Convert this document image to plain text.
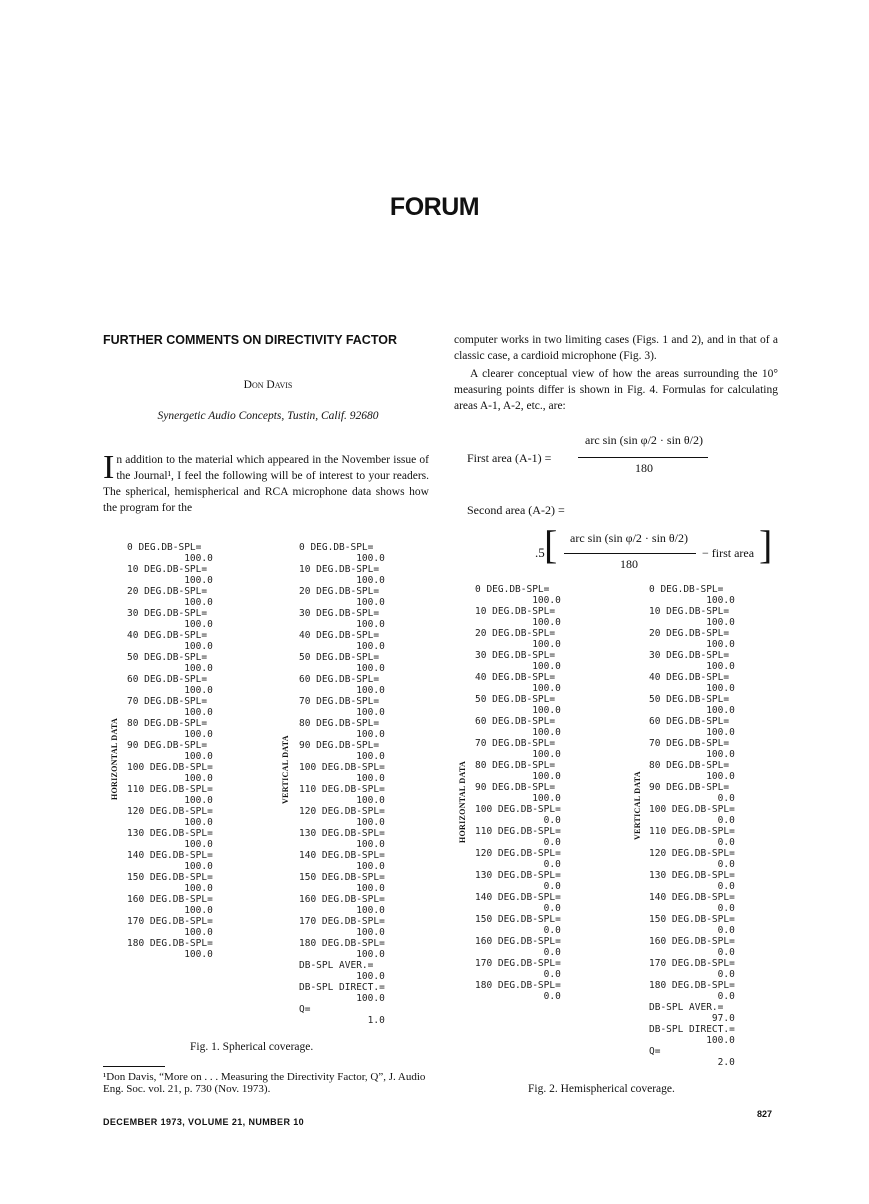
FORUM
FURTHER COMMENTS ON DIRECTIVITY FACTOR
Don Davis
Synergetic Audio Concepts, Tustin, Calif. 92680
In addition to the material which appeared in the November issue of the Journal¹, I feel the following will be of interest to your readers. The spherical, hemispherical and RCA microphone data shows how the program for the
computer works in two limiting cases (Figs. 1 and 2), and in that of a classic case, a cardioid microphone (Fig. 3).
A clearer conceptual view of how the areas surrounding the 10° measuring points differ is shown in Fig. 4. Formulas for calculating areas A-1, A-2, etc., are:
First area (A-1) =
arc sin (sin φ/2 · sin θ/2)
180
Second area (A-2) =
.5 [	arc sin (sin φ/2 · sin θ/2)
180
− first area ]
0 DEG.DB-SPL=
100.0
10 DEG.DB-SPL=
100.0
20 DEG.DB-SPL=
100.0
30 DEG.DB-SPL=
100.0
40 DEG.DB-SPL=
100.0
50 DEG.DB-SPL=
100.0
60 DEG.DB-SPL=
100.0
70 DEG.DB-SPL=
100.0
80 DEG.DB-SPL=
100.0
90 DEG.DB-SPL=
100.0
100 DEG.DB-SPL=
100.0
110 DEG.DB-SPL=
100.0
120 DEG.DB-SPL=
100.0
130 DEG.DB-SPL=
100.0
140 DEG.DB-SPL=
100.0
150 DEG.DB-SPL=
100.0
160 DEG.DB-SPL=
100.0
170 DEG.DB-SPL=
100.0
180 DEG.DB-SPL=
100.0
HORIZONTAL DATA
0 DEG.DB-SPL=
100.0
10 DEG.DB-SPL=
100.0
20 DEG.DB-SPL=
100.0
30 DEG.DB-SPL=
100.0
40 DEG.DB-SPL=
100.0
50 DEG.DB-SPL=
100.0
60 DEG.DB-SPL=
100.0
70 DEG.DB-SPL=
100.0
80 DEG.DB-SPL=
100.0
90 DEG.DB-SPL=
100.0
100 DEG.DB-SPL=
100.0
110 DEG.DB-SPL=
100.0
120 DEG.DB-SPL=
100.0
130 DEG.DB-SPL=
100.0
140 DEG.DB-SPL=
100.0
150 DEG.DB-SPL=
100.0
160 DEG.DB-SPL=
100.0
170 DEG.DB-SPL=
100.0
180 DEG.DB-SPL=
100.0
DB-SPL AVER.=
100.0
DB-SPL DIRECT.=
100.0
Q=
1.0
VERTICAL DATA
Fig. 1. Spherical coverage.
0 DEG.DB-SPL=
100.0
10 DEG.DB-SPL=
100.0
20 DEG.DB-SPL=
100.0
30 DEG.DB-SPL=
100.0
40 DEG.DB-SPL=
100.0
50 DEG.DB-SPL=
100.0
60 DEG.DB-SPL=
100.0
70 DEG.DB-SPL=
100.0
80 DEG.DB-SPL=
100.0
90 DEG.DB-SPL=
100.0
100 DEG.DB-SPL=
0.0
110 DEG.DB-SPL=
0.0
120 DEG.DB-SPL=
0.0
130 DEG.DB-SPL=
0.0
140 DEG.DB-SPL=
0.0
150 DEG.DB-SPL=
0.0
160 DEG.DB-SPL=
0.0
170 DEG.DB-SPL=
0.0
180 DEG.DB-SPL=
0.0
HORIZONTAL DATA
0 DEG.DB-SPL=
100.0
10 DEG.DB-SPL=
100.0
20 DEG.DB-SPL=
100.0
30 DEG.DB-SPL=
100.0
40 DEG.DB-SPL=
100.0
50 DEG.DB-SPL=
100.0
60 DEG.DB-SPL=
100.0
70 DEG.DB-SPL=
100.0
80 DEG.DB-SPL=
100.0
90 DEG.DB-SPL=
0.0
100 DEG.DB-SPL=
0.0
110 DEG.DB-SPL=
0.0
120 DEG.DB-SPL=
0.0
130 DEG.DB-SPL=
0.0
140 DEG.DB-SPL=
0.0
150 DEG.DB-SPL=
0.0
160 DEG.DB-SPL=
0.0
170 DEG.DB-SPL=
0.0
180 DEG.DB-SPL=
0.0
DB-SPL AVER.=
97.0
DB-SPL DIRECT.=
100.0
Q=
2.0
VERTICAL DATA
Fig. 2. Hemispherical coverage.
¹Don Davis, “More on . . . Measuring the Directivity Factor, Q”, J. Audio Eng. Soc. vol. 21, p. 730 (Nov. 1973).
DECEMBER 1973, VOLUME 21, NUMBER 10
827
